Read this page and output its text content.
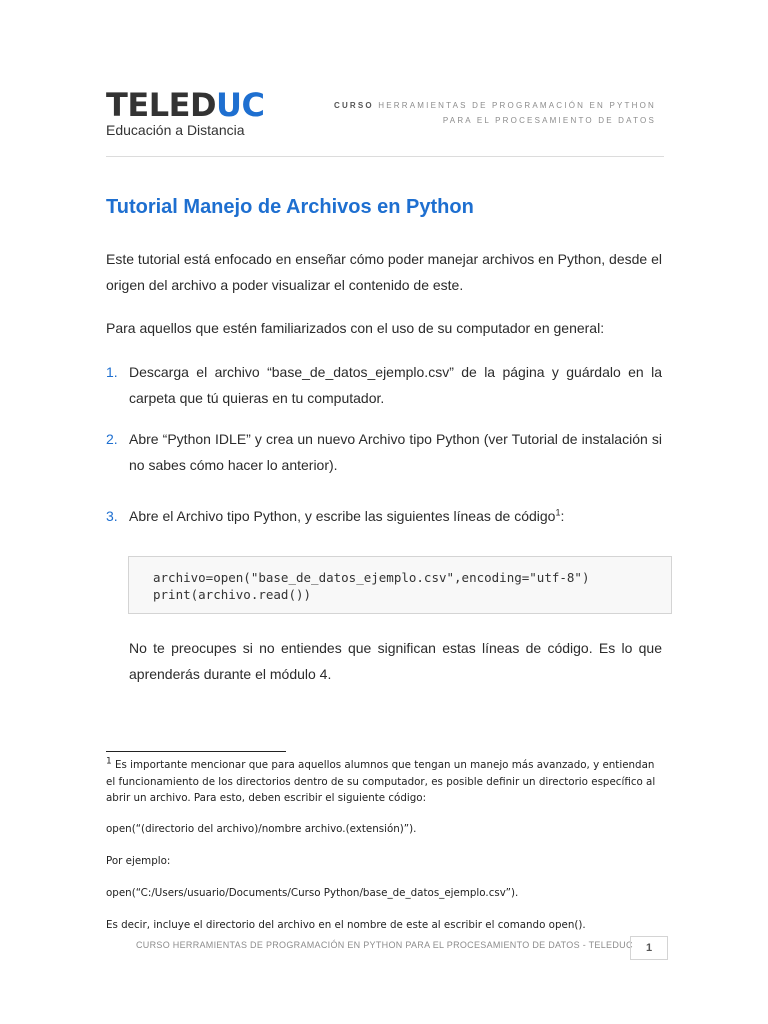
TELEDUC
Educación a Distancia
CURSO HERRAMIENTAS DE PROGRAMACIÓN EN PYTHON
PARA EL PROCESAMIENTO DE DATOS
Tutorial Manejo de Archivos en Python

Este tutorial está enfocado en enseñar cómo poder manejar archivos en Python, desde el origen del archivo a poder visualizar el contenido de este.

Para aquellos que estén familiarizados con el uso de su computador en general:

1. Descarga el archivo “base_de_datos_ejemplo.csv” de la página y guárdalo en la carpeta que tú quieras en tu computador.
2. Abre “Python IDLE” y crea un nuevo Archivo tipo Python (ver Tutorial de instalación si no sabes cómo hacer lo anterior).
3. Abre el Archivo tipo Python, y escribe las siguientes líneas de código$^1$:
archivo=open("base_de_datos_ejemplo.csv",encoding="utf-8")
print(archivo.read())

No te preocupes si no entiendes que significan estas líneas de código. Es lo que aprenderás durante el módulo 4.

$^1$ Es importante mencionar que para aquellos alumnos que tengan un manejo más avanzado, y entiendan el funcionamiento de los directorios dentro de su computador, es posible definir un directorio específico al abrir un archivo. Para esto, deben escribir el siguiente código:

open(“(directorio del archivo)/nombre archivo.(extensión)”).

Por ejemplo:

open(“C:/Users/usuario/Documents/Curso Python/base_de_datos_ejemplo.csv”).

Es decir, incluye el directorio del archivo en el nombre de este al escribir el comando open().

CURSO HERRAMIENTAS DE PROGRAMACIÓN EN PYTHON PARA EL PROCESAMIENTO DE DATOS - TELEDUC	1
